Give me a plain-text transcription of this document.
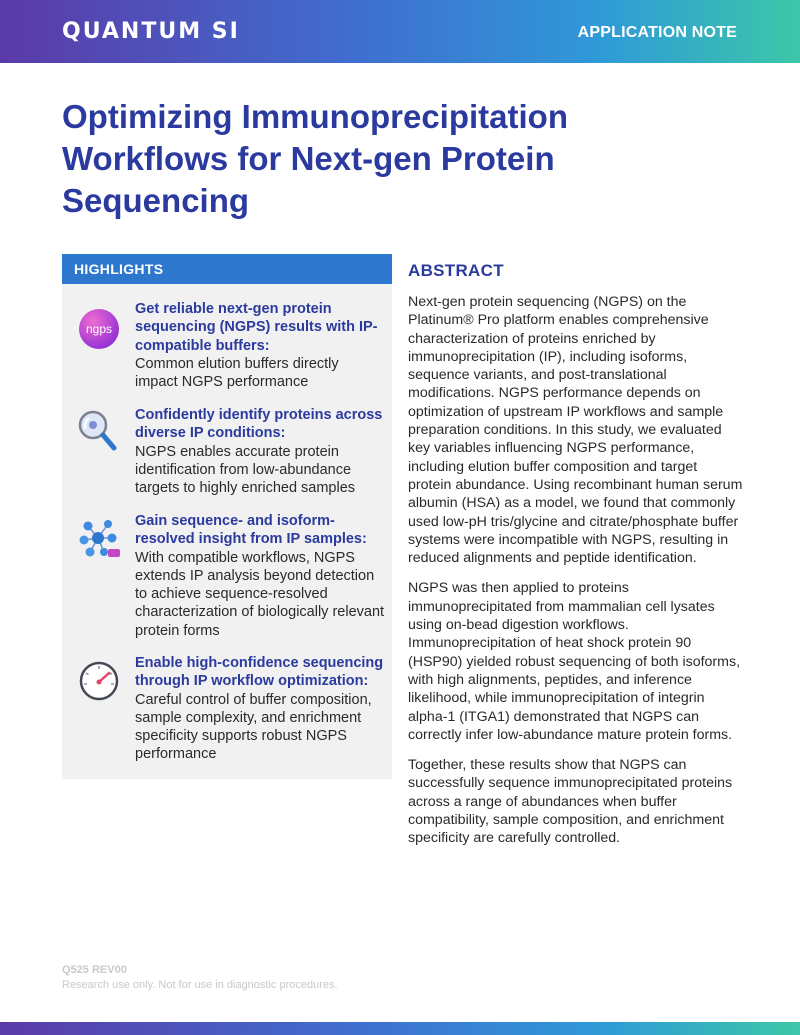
QUANTUM SI	APPLICATION NOTE
Optimizing Immunoprecipitation Workflows for Next-gen Protein Sequencing
HIGHLIGHTS
ngps
Get reliable next-gen protein sequencing (NGPS) results with IP-compatible buffers:
Common elution buffers directly impact NGPS performance
Confidently identify proteins across diverse IP conditions:
NGPS enables accurate protein identification from low-abundance targets to highly enriched samples
Gain sequence- and isoform-resolved insight from IP samples:
With compatible workflows, NGPS extends IP analysis beyond detection to achieve sequence-resolved characterization of biologically relevant protein forms
Enable high-confidence sequencing through IP workflow optimization:
Careful control of buffer composition, sample complexity, and enrichment specificity supports robust NGPS performance
ABSTRACT

Next-gen protein sequencing (NGPS) on the Platinum® Pro platform enables comprehensive characterization of proteins enriched by immunoprecipitation (IP), including isoforms, sequence variants, and post-translational modifications. NGPS performance depends on optimization of upstream IP workflows and sample preparation conditions. In this study, we evaluated key variables influencing NGPS performance, including elution buffer composition and target protein abundance. Using recombinant human serum albumin (HSA) as a model, we found that commonly used low-pH tris/glycine and citrate/phosphate buffer systems were incompatible with NGPS, resulting in reduced alignments and peptide identification.

NGPS was then applied to proteins immunoprecipitated from mammalian cell lysates using on-bead digestion workflows. Immunoprecipitation of heat shock protein 90 (HSP90) yielded robust sequencing of both isoforms, with high alignments, peptides, and inference likelihood, while immunoprecipitation of integrin alpha-1 (ITGA1) demonstrated that NGPS can correctly infer low-abundance mature protein forms.

Together, these results show that NGPS can successfully sequence immunoprecipitated proteins across a range of abundances when buffer compatibility, sample composition, and enrichment specificity are carefully controlled.

Q525 REV00
Research use only. Not for use in diagnostic procedures.
